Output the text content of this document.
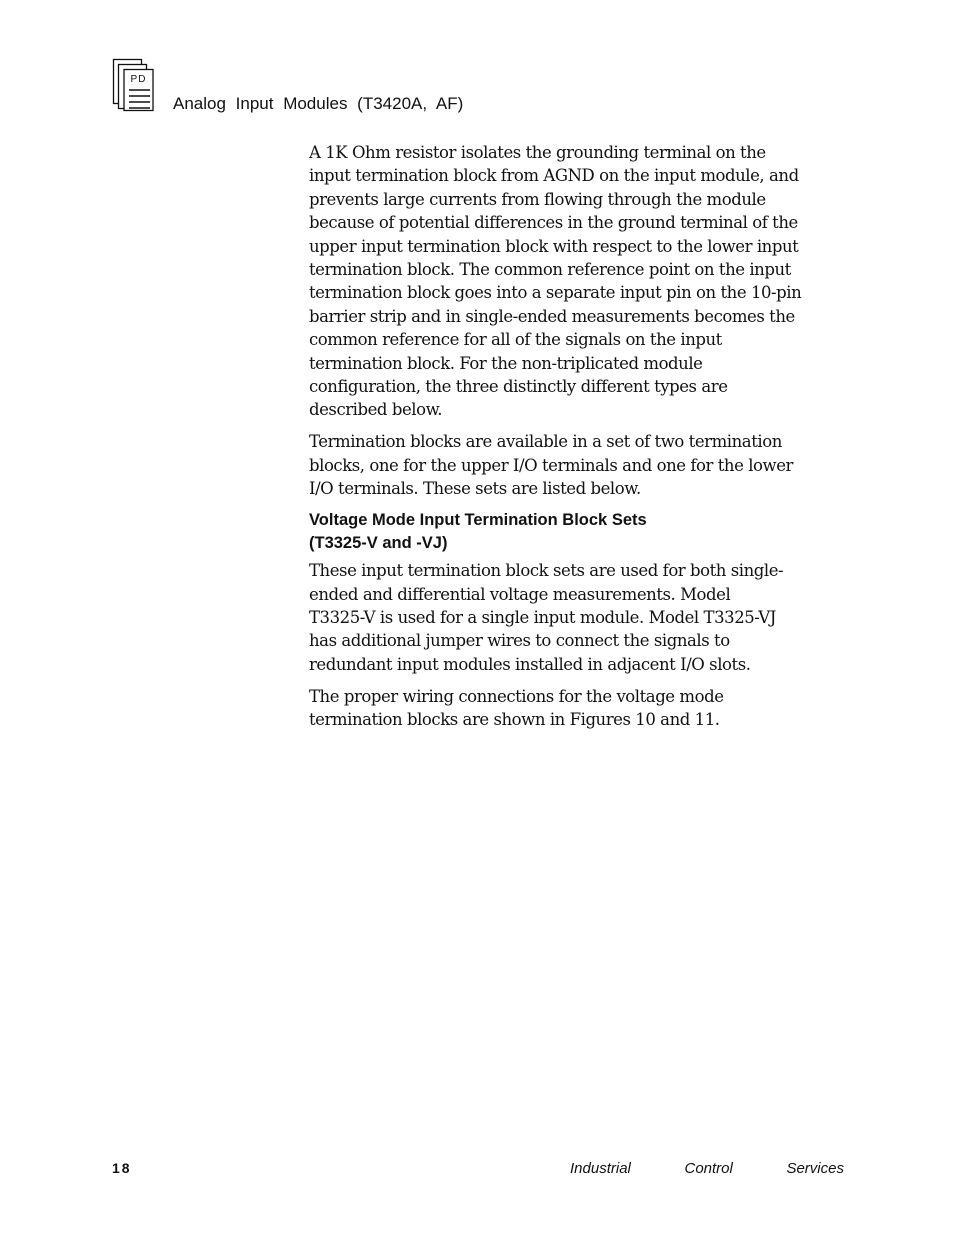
PD
Analog Input Modules (T3420A, AF)

A 1K Ohm resistor isolates the grounding terminal on the
input termination block from AGND on the input module, and
prevents large currents from flowing through the module
because of potential differences in the ground terminal of the
upper input termination block with respect to the lower input
termination block. The common reference point on the input
termination block goes into a separate input pin on the 10-pin
barrier strip and in single-ended measurements becomes the
common reference for all of the signals on the input
termination block. For the non-triplicated module
configuration, the three distinctly different types are
described below.

Termination blocks are available in a set of two termination
blocks, one for the upper I/O terminals and one for the lower
I/O terminals. These sets are listed below.

Voltage Mode Input Termination Block Sets
(T3325-V and -VJ)

These input termination block sets are used for both single-
ended and differential voltage measurements. Model
T3325-V is used for a single input module. Model T3325-VJ
has additional jumper wires to connect the signals to
redundant input modules installed in adjacent I/O slots.

The proper wiring connections for the voltage mode
termination blocks are shown in Figures 10 and 11.

18	Industrial	Control	Services
